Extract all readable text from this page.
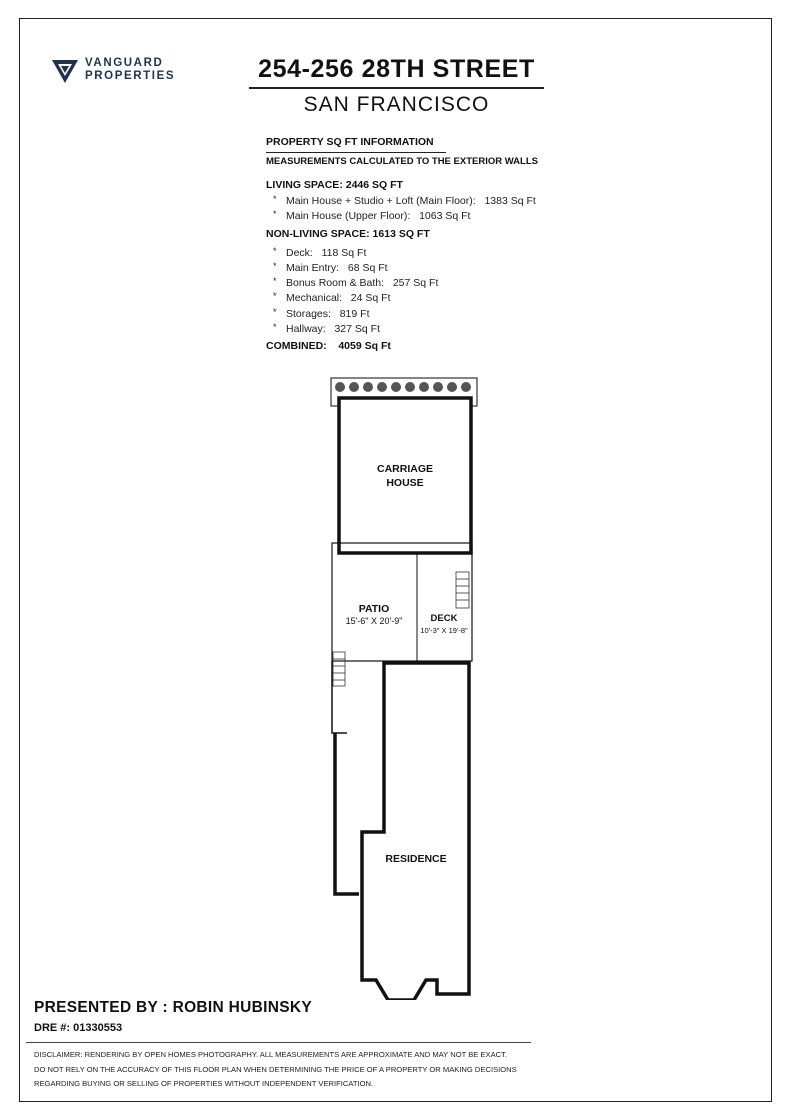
VANGUARD
PROPERTIES	254-256 28TH STREET
SAN FRANCISCO
PROPERTY SQ FT INFORMATION
MEASUREMENTS CALCULATED TO THE EXTERIOR WALLS
LIVING SPACE: 2446 SQ FT
* Main House + Studio + Loft (Main Floor): 1383 Sq Ft
* Main House (Upper Floor): 1063 Sq Ft
NON-LIVING SPACE: 1613 SQ FT
* Deck: 118 Sq Ft
* Main Entry: 68 Sq Ft
* Bonus Room & Bath: 257 Sq Ft
* Mechanical: 24 Sq Ft
* Storages: 819 Ft
* Hallway: 327 Sq Ft
COMBINED: 4059 Sq Ft
CARRIAGE
HOUSE
PATIO
15'-6" X 20'-9"	DECK
10'-3" X 19'-8"
RESIDENCE
PRESENTED BY : ROBIN HUBINSKY
DRE #: 01330553
DISCLAIMER: RENDERING BY OPEN HOMES PHOTOGRAPHY. ALL MEASUREMENTS ARE APPROXIMATE AND MAY NOT BE EXACT.
DO NOT RELY ON THE ACCURACY OF THIS FLOOR PLAN WHEN DETERMINING THE PRICE OF A PROPERTY OR MAKING DECISIONS
REGARDING BUYING OR SELLING OF PROPERTIES WITHOUT INDEPENDENT VERIFICATION.
